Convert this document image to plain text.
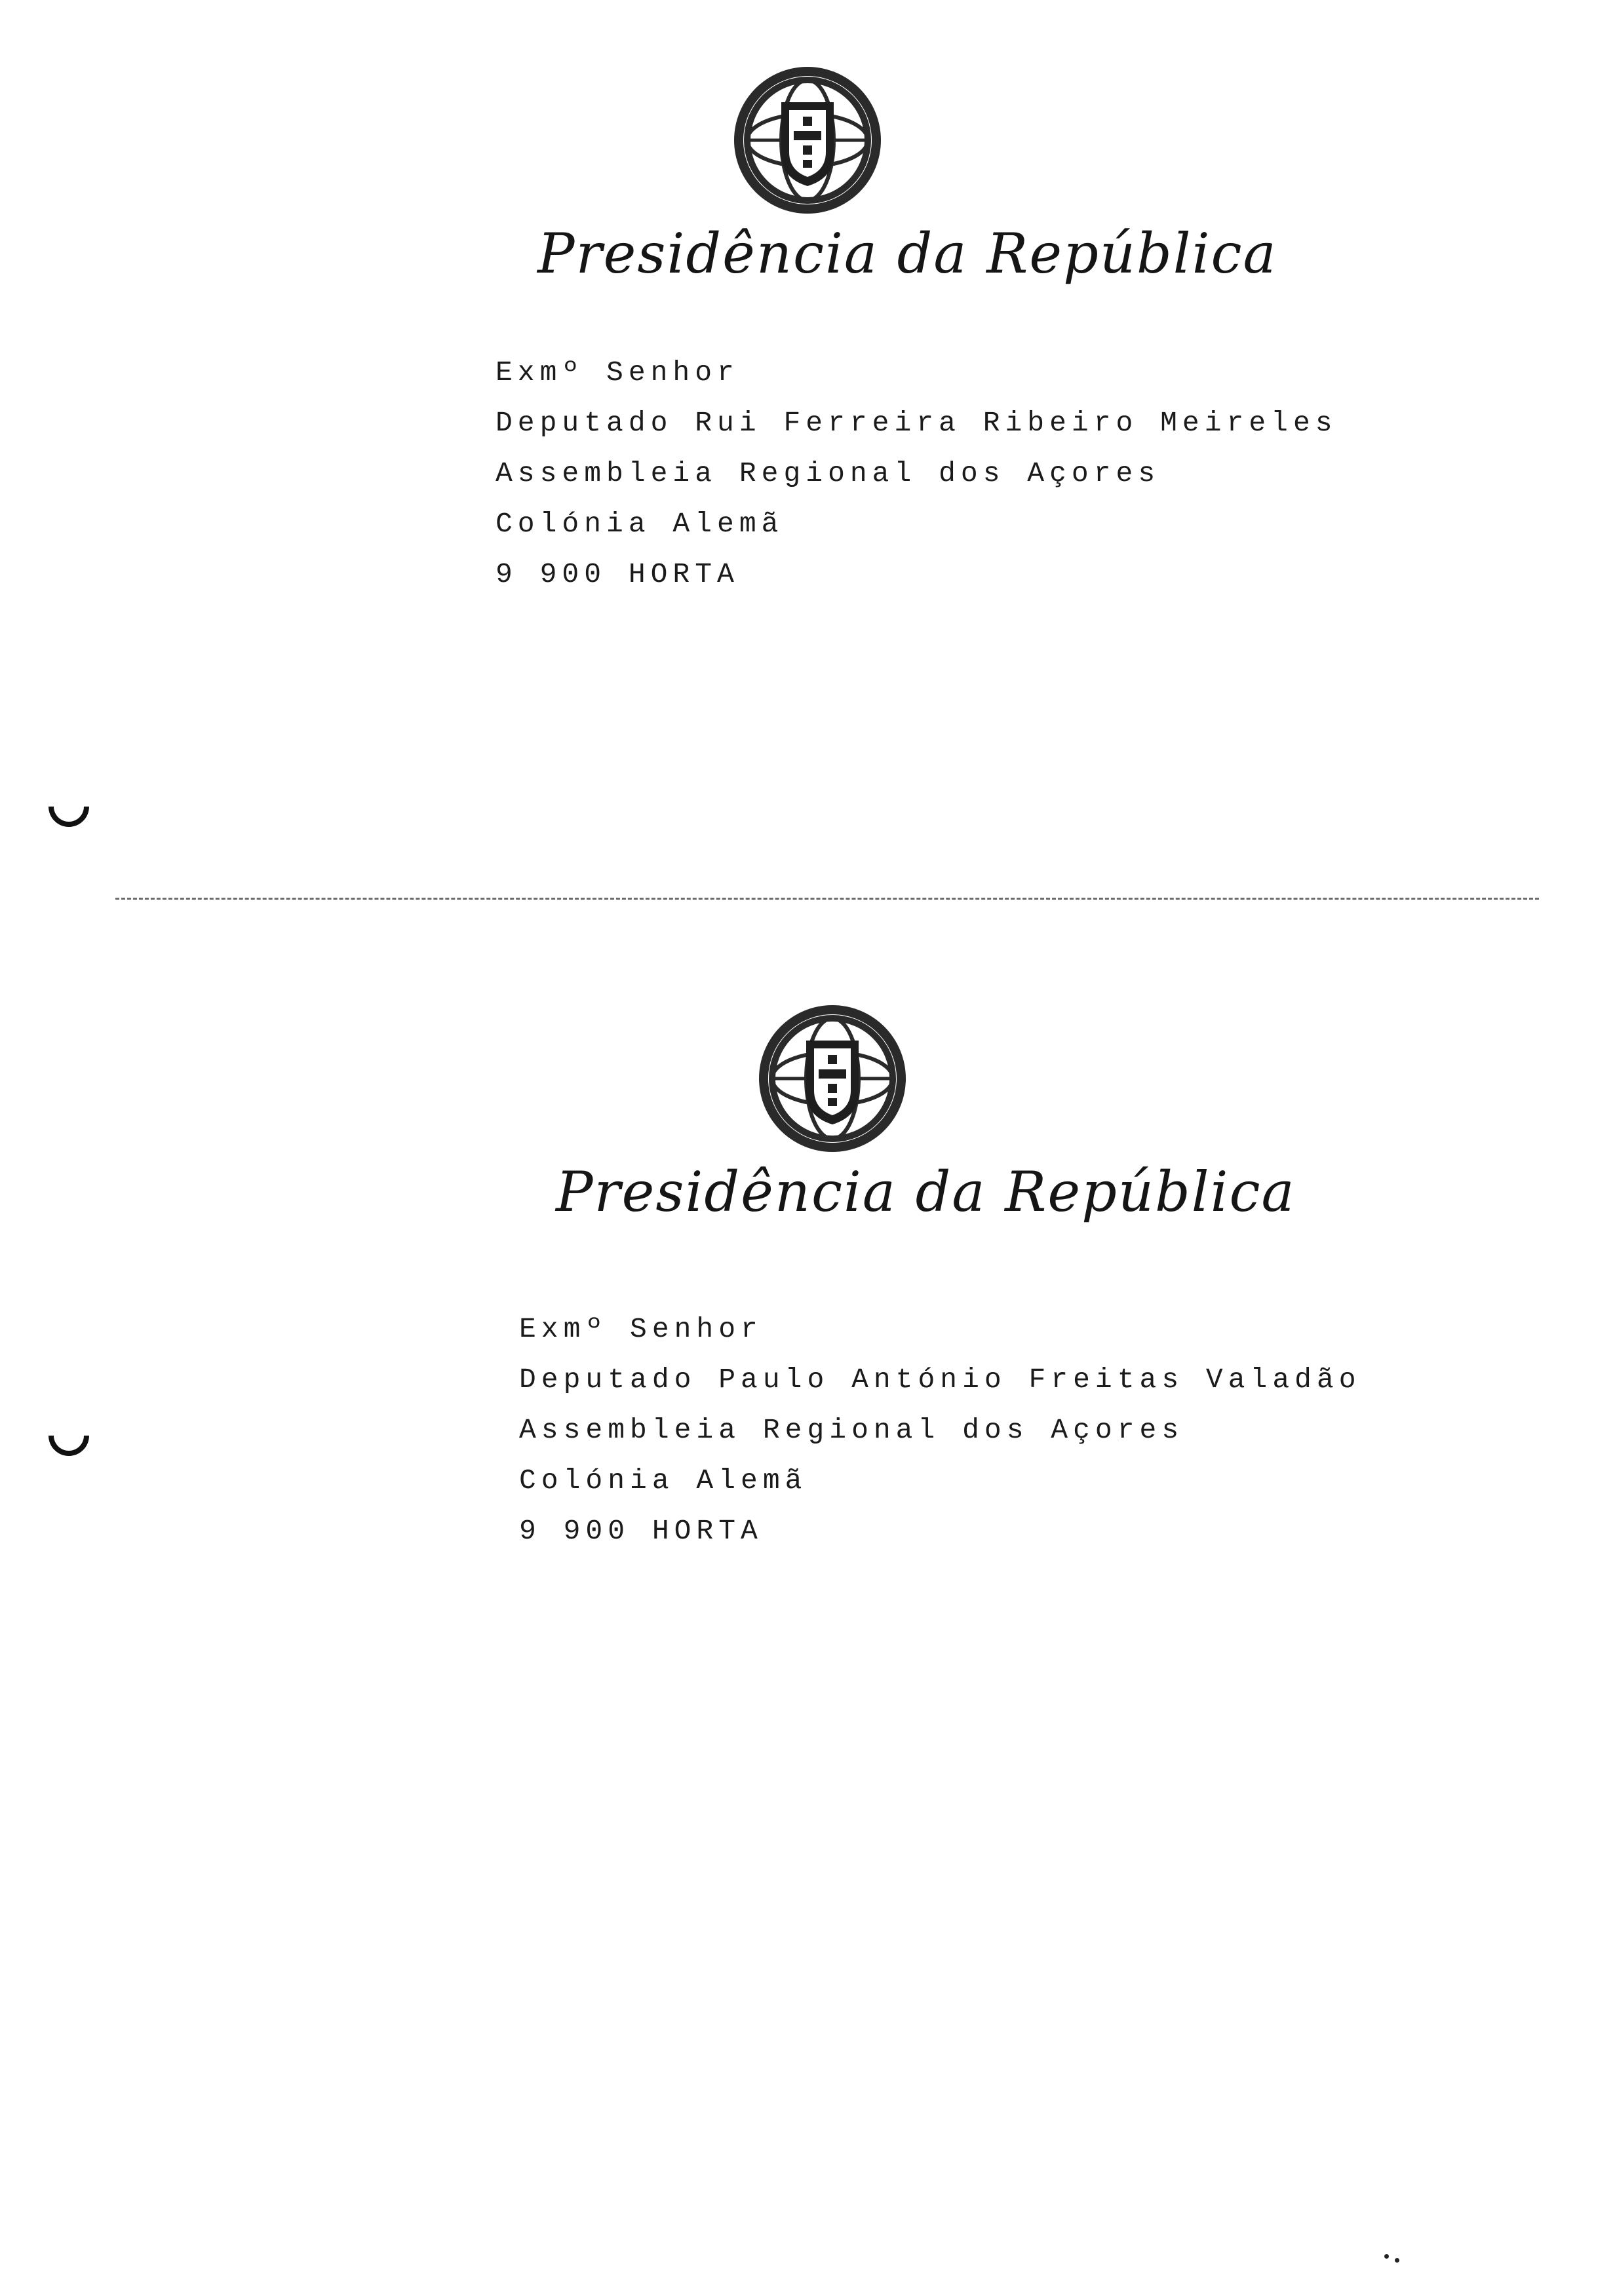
Presidência da República
Exmº Senhor
Deputado Rui Ferreira Ribeiro Meireles
Assembleia Regional dos Açores
Colónia Alemã
9 900 HORTA
Presidência da República
Exmº Senhor
Deputado Paulo António Freitas Valadão
Assembleia Regional dos Açores
Colónia Alemã
9 900 HORTA
